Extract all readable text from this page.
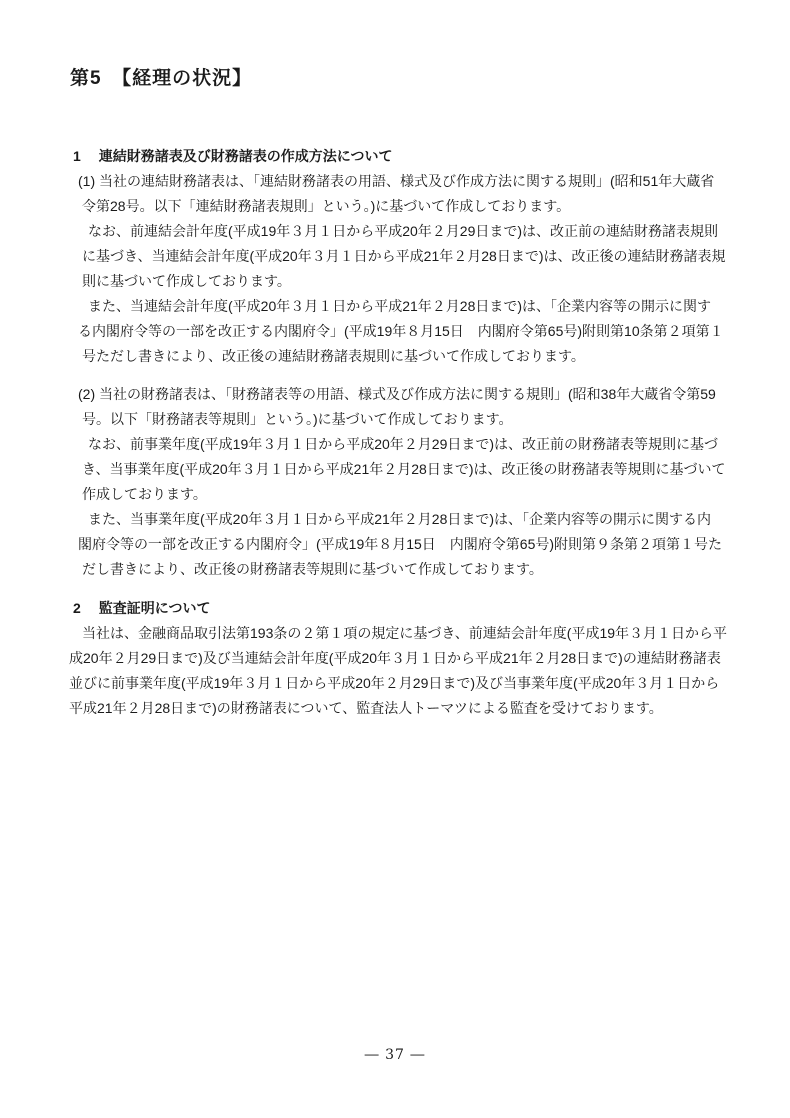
第5　【経理の状況】
1 連結財務諸表及び財務諸表の作成方法について
(1) 当社の連結財務諸表は、「連結財務諸表の用語、様式及び作成方法に関する規則」(昭和51年大蔵省
令第28号。以下「連結財務諸表規則」という。)に基づいて作成しております。
なお、前連結会計年度(平成19年３月１日から平成20年２月29日まで)は、改正前の連結財務諸表規則
に基づき、当連結会計年度(平成20年３月１日から平成21年２月28日まで)は、改正後の連結財務諸表規
則に基づいて作成しております。
また、当連結会計年度(平成20年３月１日から平成21年２月28日まで)は、「企業内容等の開示に関す
る内閣府令等の一部を改正する内閣府令」(平成19年８月15日　内閣府令第65号)附則第10条第２項第１
号ただし書きにより、改正後の連結財務諸表規則に基づいて作成しております。
(2) 当社の財務諸表は、「財務諸表等の用語、様式及び作成方法に関する規則」(昭和38年大蔵省令第59
号。以下「財務諸表等規則」という。)に基づいて作成しております。
なお、前事業年度(平成19年３月１日から平成20年２月29日まで)は、改正前の財務諸表等規則に基づ
き、当事業年度(平成20年３月１日から平成21年２月28日まで)は、改正後の財務諸表等規則に基づいて
作成しております。
また、当事業年度(平成20年３月１日から平成21年２月28日まで)は、「企業内容等の開示に関する内
閣府令等の一部を改正する内閣府令」(平成19年８月15日　内閣府令第65号)附則第９条第２項第１号た
だし書きにより、改正後の財務諸表等規則に基づいて作成しております。
2 監査証明について
当社は、金融商品取引法第193条の２第１項の規定に基づき、前連結会計年度(平成19年３月１日から平
成20年２月29日まで)及び当連結会計年度(平成20年３月１日から平成21年２月28日まで)の連結財務諸表
並びに前事業年度(平成19年３月１日から平成20年２月29日まで)及び当事業年度(平成20年３月１日から
平成21年２月28日まで)の財務諸表について、監査法人トーマツによる監査を受けております。
― 37 ―
